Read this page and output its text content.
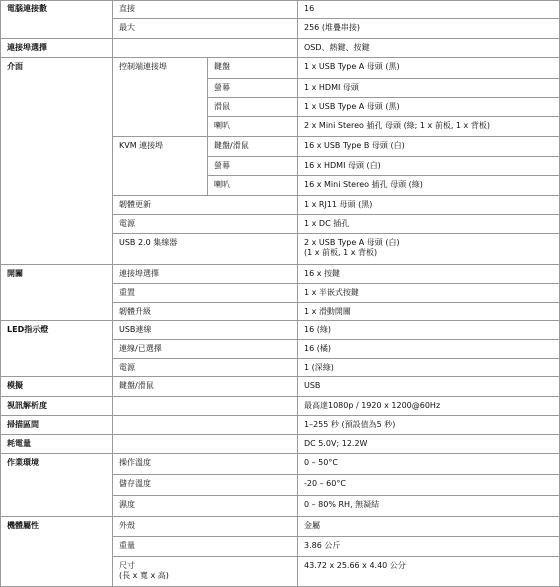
電腦連接數
連接埠選擇
介面
開關
LED指示燈
模擬
視訊解析度
掃描區間
耗電量
作業環境
機體屬性
直接
最大
控制端連接埠	鍵盤
螢幕
滑鼠
喇叭
KVM 連接埠	鍵盤/滑鼠
螢幕
喇叭
韌體更新
電源
USB 2.0 集線器
連接埠選擇
重置
韌體升級
USB連線
連線/已選擇
電源
鍵盤/滑鼠
操作溫度
儲存溫度
濕度
外殼
重量
尺寸
(長 x 寬 x 高)
16
256 (堆疊串接)
OSD、熱鍵、按鍵
1 x USB Type A 母頭 (黑)
1 x HDMI 母頭
1 x USB Type A 母頭 (黑)
2 x Mini Stereo 插孔 母頭 (綠; 1 x 前板, 1 x 背板)
16 x USB Type B 母頭 (白)
16 x HDMI 母頭 (白)
16 x Mini Stereo 插孔 母頭 (綠)
1 x RJ11 母頭 (黑)
1 x DC 插孔
2 x USB Type A 母頭 (白)
(1 x 前板, 1 x 背板)
16 x 按鍵
1 x 半嵌式按鍵
1 x 滑動開關
16 (綠)
16 (橘)
1 (深綠)
USB
最高達1080p / 1920 x 1200@60Hz
1–255 秒 (預設值為5 秒)
DC 5.0V; 12.2W
0 – 50°C
-20 – 60°C
0 – 80% RH, 無凝結
金屬
3.86 公斤
43.72 x 25.66 x 4.40 公分
